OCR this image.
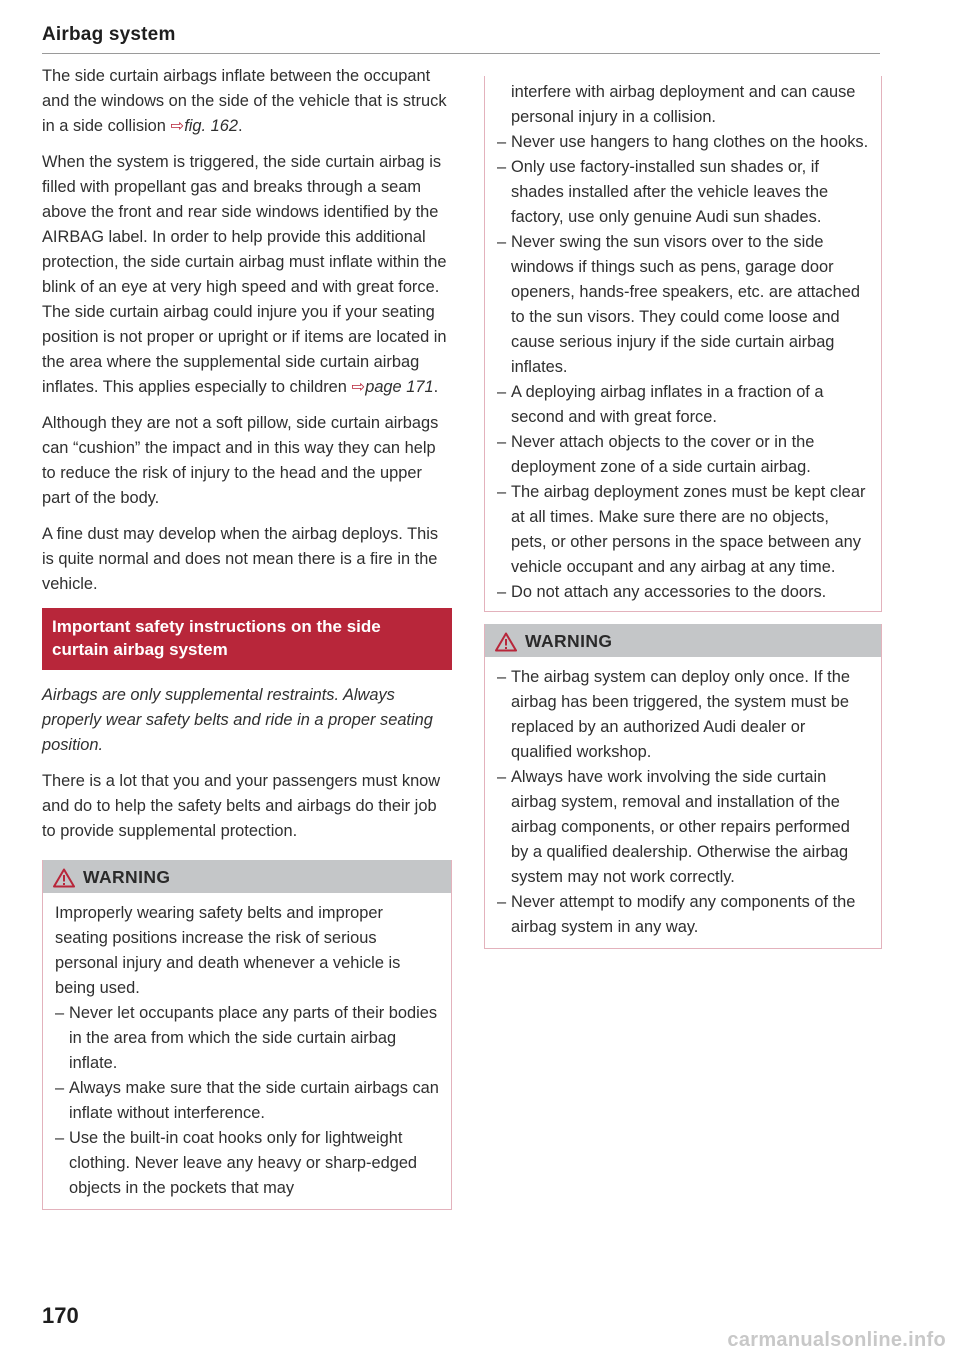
Airbag system

The side curtain airbags inflate between the occupant and the windows on the side of the vehicle that is struck in a side collision ⇨fig. 162.

When the system is triggered, the side curtain airbag is filled with propellant gas and breaks through a seam above the front and rear side windows identified by the AIRBAG label. In order to help provide this additional protection, the side curtain airbag must inflate within the blink of an eye at very high speed and with great force. The side curtain airbag could injure you if your seating position is not proper or upright or if items are located in the area where the supplemental side curtain airbag inflates. This applies especially to children ⇨page 171.

Although they are not a soft pillow, side curtain airbags can “cushion” the impact and in this way they can help to reduce the risk of injury to the head and the upper part of the body.

A fine dust may develop when the airbag deploys. This is quite normal and does not mean there is a fire in the vehicle.

Important safety instructions on the side curtain airbag system

Airbags are only supplemental restraints. Always properly wear safety belts and ride in a proper seating position.

There is a lot that you and your passengers must know and do to help the safety belts and airbags do their job to provide supplemental protection.

WARNING

Improperly wearing safety belts and improper seating positions increase the risk of serious personal injury and death whenever a vehicle is being used.

– Never let occupants place any parts of their bodies in the area from which the side curtain airbag inflate.
– Always make sure that the side curtain airbags can inflate without interference.
– Use the built-in coat hooks only for lightweight clothing. Never leave any heavy or sharp-edged objects in the pockets that may

interfere with airbag deployment and can cause personal injury in a collision.

– Never use hangers to hang clothes on the hooks.
– Only use factory-installed sun shades or, if shades installed after the vehicle leaves the factory, use only genuine Audi sun shades.
– Never swing the sun visors over to the side windows if things such as pens, garage door openers, hands-free speakers, etc. are attached to the sun visors. They could come loose and cause serious injury if the side curtain airbag inflates.
– A deploying airbag inflates in a fraction of a second and with great force.
– Never attach objects to the cover or in the deployment zone of a side curtain airbag.
– The airbag deployment zones must be kept clear at all times. Make sure there are no objects, pets, or other persons in the space between any vehicle occupant and any airbag at any time.
– Do not attach any accessories to the doors.
WARNING
– The airbag system can deploy only once. If the airbag has been triggered, the system must be replaced by an authorized Audi dealer or qualified workshop.
– Always have work involving the side curtain airbag system, removal and installation of the airbag components, or other repairs performed by a qualified dealership. Otherwise the airbag system may not work correctly.
– Never attempt to modify any components of the airbag system in any way.
170
carmanualsonline.info
